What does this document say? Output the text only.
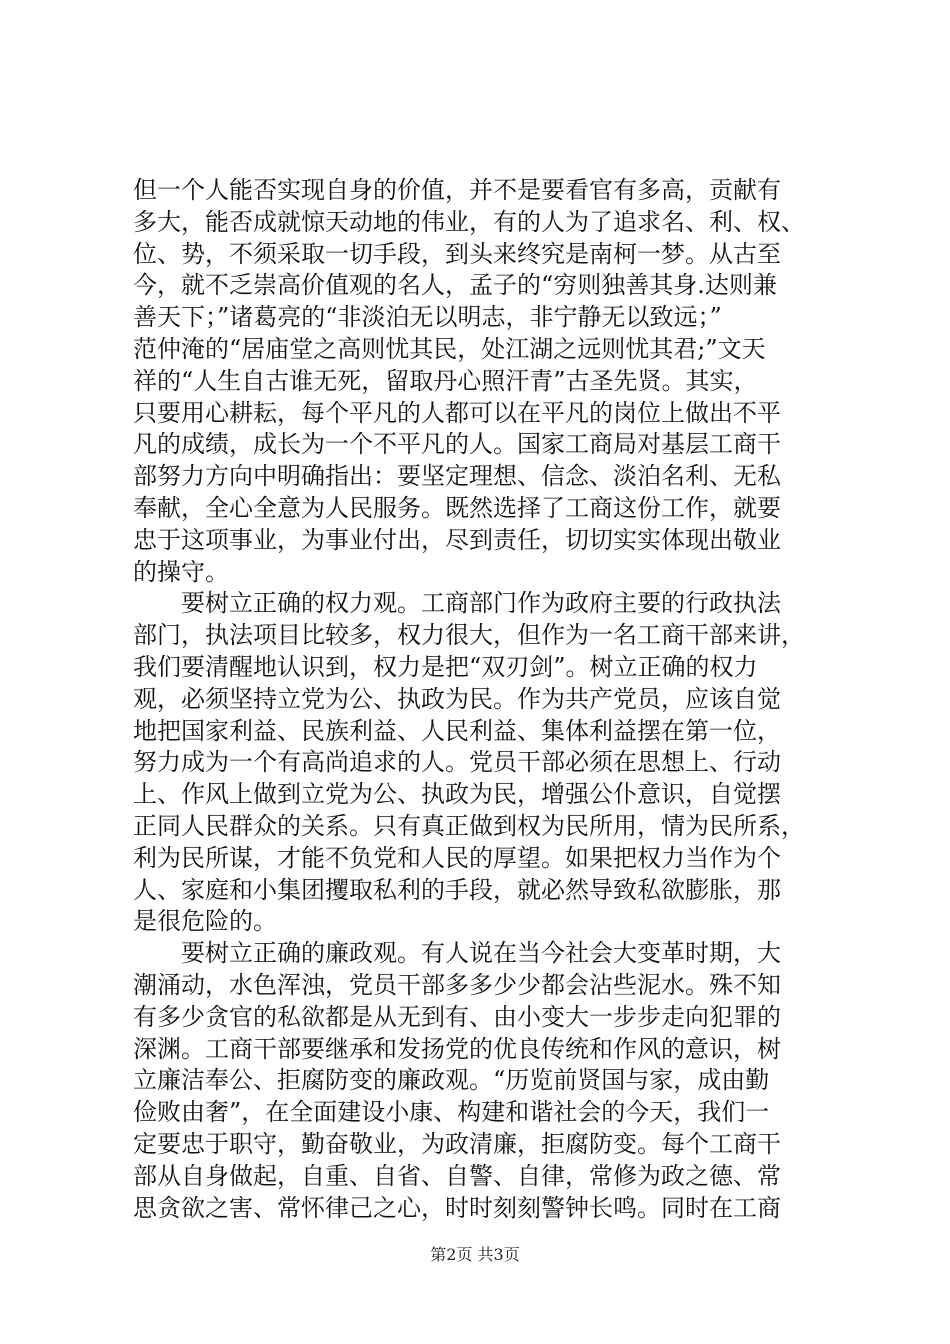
但一个人能否实现自身的价值，并不是要看官有多高，贡献有
多大，能否成就惊天动地的伟业，有的人为了追求名、利、权、
位、势，不须采取一切手段，到头来终究是南柯一梦。从古至
今，就不乏崇高价值观的名人，孟子的“穷则独善其身.达则兼
善天下；”诸葛亮的“非淡泊无以明志，非宁静无以致远；”
范仲淹的“居庙堂之高则忧其民，处江湖之远则忧其君;”文天
祥的“人生自古谁无死，留取丹心照汗青”古圣先贤。其实，
只要用心耕耘，每个平凡的人都可以在平凡的岗位上做出不平
凡的成绩，成长为一个不平凡的人。国家工商局对基层工商干
部努力方向中明确指出：要坚定理想、信念、淡泊名利、无私
奉献，全心全意为人民服务。既然选择了工商这份工作，就要
忠于这项事业，为事业付出，尽到责任，切切实实体现出敬业
的操守。
　　要树立正确的权力观。工商部门作为政府主要的行政执法
部门，执法项目比较多，权力很大，但作为一名工商干部来讲，
我们要清醒地认识到，权力是把“双刃剑”。树立正确的权力
观，必须坚持立党为公、执政为民。作为共产党员，应该自觉
地把国家利益、民族利益、人民利益、集体利益摆在第一位，
努力成为一个有高尚追求的人。党员干部必须在思想上、行动
上、作风上做到立党为公、执政为民，增强公仆意识，自觉摆
正同人民群众的关系。只有真正做到权为民所用，情为民所系，
利为民所谋，才能不负党和人民的厚望。如果把权力当作为个
人、家庭和小集团攫取私利的手段，就必然导致私欲膨胀，那
是很危险的。
　　要树立正确的廉政观。有人说在当今社会大变革时期，大
潮涌动，水色浑浊，党员干部多多少少都会沾些泥水。殊不知
有多少贪官的私欲都是从无到有、由小变大一步步走向犯罪的
深渊。工商干部要继承和发扬党的优良传统和作风的意识，树
立廉洁奉公、拒腐防变的廉政观。“历览前贤国与家，成由勤
俭败由奢”，在全面建设小康、构建和谐社会的今天，我们一
定要忠于职守，勤奋敬业，为政清廉，拒腐防变。每个工商干
部从自身做起，自重、自省、自警、自律，常修为政之德、常
思贪欲之害、常怀律己之心，时时刻刻警钟长鸣。同时在工商
第2页 共3页
